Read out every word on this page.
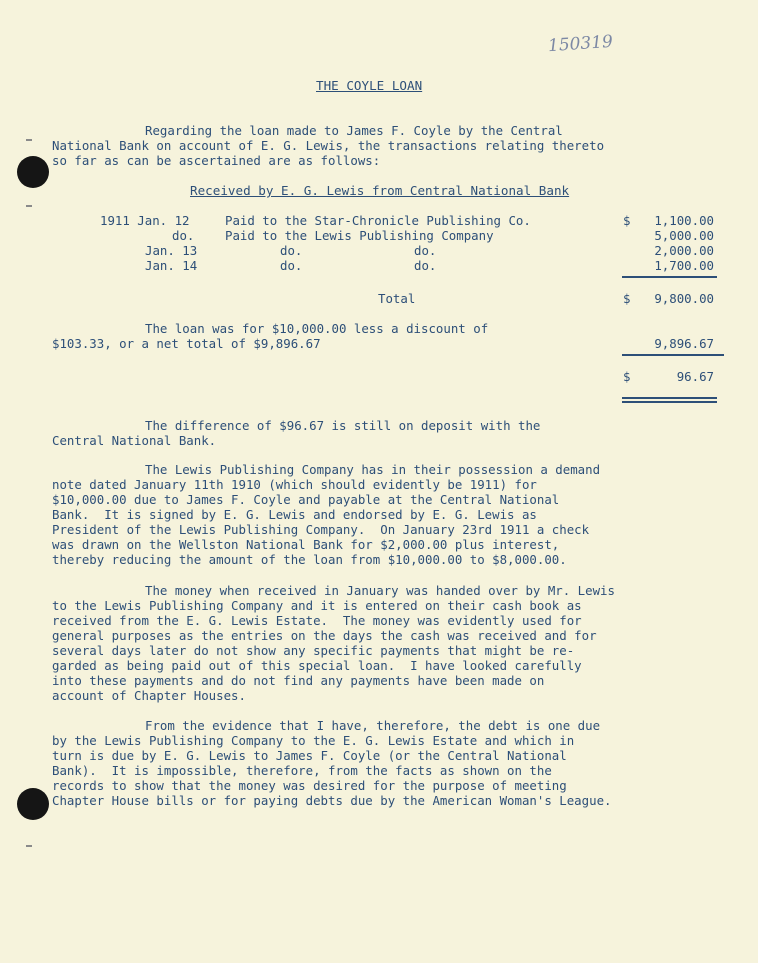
150319
THE COYLE LOAN
Regarding the loan made to James F. Coyle by the Central
National Bank on account of E. G. Lewis, the transactions relating thereto
so far as can be ascertained are as follows:
Received by E. G. Lewis from Central National Bank
1911 Jan. 12	Paid to the Star-Chronicle Publishing Co.	$	1,100.00
do. Paid to the Lewis Publishing Company	5,000.00
Jan. 13	do.	do.	2,000.00
Jan. 14	do.	do.	1,700.00
Total	$	9,800.00
The loan was for $10,000.00 less a discount of
$103.33, or a net total of $9,896.67	9,896.67
$	96.67
The difference of $96.67 is still on deposit with the
Central National Bank.
The Lewis Publishing Company has in their possession a demand
note dated January 11th 1910 (which should evidently be 1911) for
$10,000.00 due to James F. Coyle and payable at the Central National
Bank.  It is signed by E. G. Lewis and endorsed by E. G. Lewis as
President of the Lewis Publishing Company.  On January 23rd 1911 a check
was drawn on the Wellston National Bank for $2,000.00 plus interest,
thereby reducing the amount of the loan from $10,000.00 to $8,000.00.
The money when received in January was handed over by Mr. Lewis
to the Lewis Publishing Company and it is entered on their cash book as
received from the E. G. Lewis Estate.  The money was evidently used for
general purposes as the entries on the days the cash was received and for
several days later do not show any specific payments that might be re-
garded as being paid out of this special loan.  I have looked carefully
into these payments and do not find any payments have been made on
account of Chapter Houses.
From the evidence that I have, therefore, the debt is one due
by the Lewis Publishing Company to the E. G. Lewis Estate and which in
turn is due by E. G. Lewis to James F. Coyle (or the Central National
Bank).  It is impossible, therefore, from the facts as shown on the
records to show that the money was desired for the purpose of meeting
Chapter House bills or for paying debts due by the American Woman's League.
